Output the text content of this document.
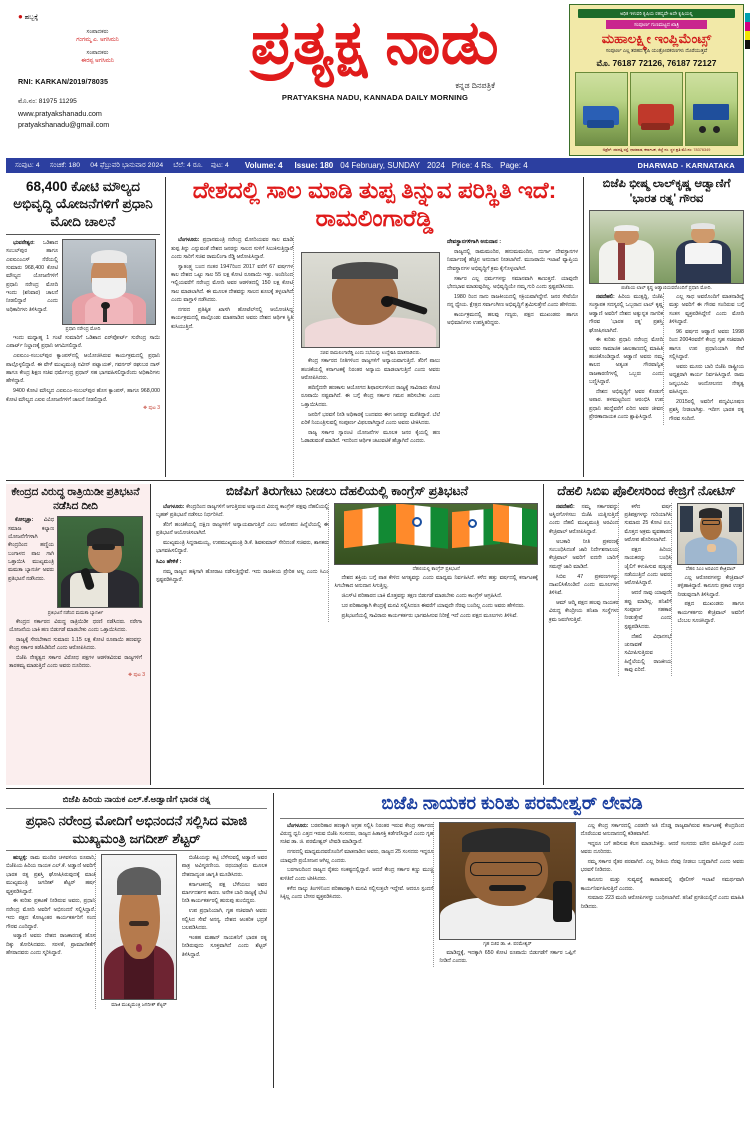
● ಹಬ್ಬಕ್ಕೆ
ಸಂಪಾದಕರು
ಗಂಗಮ್ಮ ಎ. ಅಗಸಿಮನಿ
ಸಂಪಾದಕರು
ಈರಪ್ಪ ಅಗಸಿಮನಿ
RNI: KARKAN/2019/78035
ಮೊ.ನಂ: 81975 11295
www.pratyakshanadu.com
pratyakshanadu@gmail.com
ಪ್ರತ್ಯಕ್ಷ ನಾಡು
ಕನ್ನಡ ದಿನಪತ್ರಿಕೆ
PRATYAKSHA NADU, KANNADA DAILY MORNING
ಅಧಿಕ ಇಳುವರಿ ಕೃಷಿಯ ರಹಸ್ಯವೇ ಅದೇ ಕೃಷಿಯಲ್ಲಿ
ಸಂಪೂರ್ಣ ಗುಣಮಟ್ಟದ ಖಾತ್ರಿ
ಮಹಾಲಕ್ಷ್ಮೀ ಇಂಪ್ಲಿಮೆಂಟ್ಸ್
ಸಂಪೂರ್ಣ ಎಲ್ಲ ತರಹದ ಕೃಷಿ ಯಂತ್ರೋಪಕರಣಗಳು ದೊರೆಯುತ್ತವೆ
ಮೊ. 76187 72126, 76187 72127
ಅಡ್ರೆಸ್: ಸವದತ್ತಿ ರಸ್ತೆ, ಧಾರವಾಡ, ಕರ್ನಾಟಕ, ಜಿಲ್ಲೆ ನಂ. ಸ್ಥಳ ಪ್ರತಿ ಮೊ.ನಂ: 78376349
ಸಂಪುಟ: 4 ಸಂಚಿಕೆ: 180 04 ಫೆಬ್ರುವರಿ ಭಾನುವಾರ 2024 ಬೆಲೆ: 4 ರೂ. ಪುಟ: 4 Volume: 4 Issue: 180 04 February, SUNDAY 2024 Price: 4 Rs. Page: 4	DHARWAD - KARNATAKA
68,400 ಕೋಟಿ ಮೌಲ್ಯದ ಅಭಿವೃದ್ಧಿ ಯೋಜನೆಗಳಿಗೆ ಪ್ರಧಾನಿ ಮೋದಿ ಚಾಲನೆ

ಭುವನೇಶ್ವರ: ಒಡಿಶಾದ ಸಂಬಲ್‌ಪುರ ಹಾಗೂ ಎಐಐಎಂಎಸ್ ನೆರೆಯಲ್ಲಿ ಸುಮಾರು 968,400 ಕೋಟಿ ಮೌಲ್ಯದ ಯೋಜನೆಗಳಿಗೆ ಪ್ರಧಾನಿ ನರೇಂದ್ರ ಮೋದಿ ಇಂದು (ಶನಿವಾರ) ಚಾಲನೆ ನೀಡಲಿದ್ದಾರೆ ಎಂದು ಅಧಿಕಾರಿಗಳು ತಿಳಿಸಿದ್ದಾರೆ.

ಪ್ರಧಾನಿ ನರೇಂದ್ರ ಮೋದಿ

ಇಂದು ಮಧ್ಯಾಹ್ನ 1 ಗಂಟೆ ಸುಮಾರಿಗೆ ಒಡಿಶಾದ ಏರ್‌ಪೋರ್ಟ್ ಸುರೇಂದ್ರ ಸಾಯಿ ಎಪಾರ್ಟ್ ನಿಲ್ದಾಣಕ್ಕೆ ಪ್ರಧಾನಿ ಆಗಮಿಸಲಿದ್ದಾರೆ.

ಎಐಐಎಂ-ಸಂಬಲ್‌ಪುರ ಕ್ಯಾಂಪಸ್‌ನಲ್ಲಿ ಆಯೋಜಿಸಿರುವ ಕಾರ್ಯಕ್ರಮದಲ್ಲಿ ಪ್ರಧಾನಿ ಪಾಲ್ಗೊಳ್ಳಲಿದ್ದಾರೆ. ಈ ವೇಳೆ ಮುಖ್ಯಮಂತ್ರಿ ನವೀನ್ ಪಟ್ನಾಯಕ್, ಗವರ್ನರ್ ರಘುಬರ ದಾಸ್ ಹಾಗೂ ಕೇಂದ್ರ ಶಿಕ್ಷಣ ಸಚಿವ ಧರ್ಮೇಂದ್ರ ಪ್ರಧಾನ್ ಸಹ ಭಾಗವಹಿಸಲಿದ್ದಾರೆಂದು ಅಧಿಕಾರಿಗಳು ಹೇಳಿದ್ದಾರೆ.

9400 ಕೋಟಿ ಮೌಲ್ಯದ ಎಐಐಎಂ-ಸಂಬಲ್‌ಪುರ ಹೊಸ ಕ್ಯಾಂಪಸ್, ಹಾಗೂ 968,000 ಕೋಟಿ ಮೌಲ್ಯದ ಎಐಐ ಯೋಜನೆಗಳಿಗೆ ಚಾಲನೆ ನೀಡಲಿದ್ದಾರೆ.

❖ ಪುಟ 3
ದೇಶದಲ್ಲಿ ಸಾಲ ಮಾಡಿ ತುಪ್ಪ ತಿನ್ನುವ ಪರಿಸ್ಥಿತಿ ಇದೆ: ರಾಮಲಿಂಗಾರೆಡ್ಡಿ

ಬೆಂಗಳೂರು: ಪ್ರಧಾನಮಂತ್ರಿ ನರೇಂದ್ರ ಮೋದಿಯವರ ಸಾಲ ಮಾಡಿ ತುಪ್ಪ ತಿನ್ನು ಎನ್ನುವಂತೆ ದೇಶದ ಜನರನ್ನು ಸಾಲದ ಸುಳಿಗೆ ಸಿಲುಕಿಸುತ್ತಿದ್ದಾರೆ ಎಂದು ಸಾರಿಗೆ ಸಚಿವ ರಾಮಲಿಂಗಾ ರೆಡ್ಡಿ ಆರೋಪಿಸಿದ್ದಾರೆ.

ಸ್ವಾತಂತ್ರ್ಯ ಬಂದ ನಂತರ 1947ರಿಂದ 2017 ವರೆಗೆ 67 ವರ್ಷಗಳ ಕಾಲ ದೇಶದ ಒಟ್ಟು ಸಾಲ 55 ಲಕ್ಷ ಕೋಟಿ ರೂಪಾಯಿ ಇತ್ತು. ಅಂದಿನಿಂದ ಇಲ್ಲಿಯವರೆಗೆ ನರೇಂದ್ರ ಮೋದಿ ಅವರ ಆಡಳಿತದಲ್ಲಿ 150 ಲಕ್ಷ ಕೋಟಿ ಸಾಲ ಮಾಡಲಾಗಿದೆ. ಈ ಮೂಲಕ ದೇಶವನ್ನು ಸಾಲದ ಶೂಲಕ್ಕೆ ತಳ್ಳಲಾಗಿದೆ ಎಂದು ವಾಗ್ದಾಳಿ ನಡೆಸಿದರು.

ನಗರದ ಪ್ರತಿಷ್ಠಿತ ಖಾಸಗಿ ಹೋಟೆಲ್‌ನಲ್ಲಿ ಆಯೋಜಿಸಿದ್ದ ಕಾರ್ಯಕ್ರಮದಲ್ಲಿ ಪಾಲ್ಗೊಂಡು ಮಾತನಾಡಿದ ಅವರು ದೇಶದ ಆರ್ಥಿಕ ಸ್ಥಿತಿ ಕುಸಿಯುತ್ತಿದೆ.

ಸಚಿವ ರಾಮಲಿಂಗಾರೆಡ್ಡಿ ಎಂದು ಸಭೆಯನ್ನು ಉದ್ದೇಶಿಸಿ ಮಾತನಾಡಿದರು.

ಕೇಂದ್ರ ಸರ್ಕಾರದ ನೀತಿಗಳಿಂದ ರಾಜ್ಯಗಳಿಗೆ ಅನ್ಯಾಯವಾಗುತ್ತಿದೆ. ತೆರಿಗೆ ಪಾಲು ಹಂಚಿಕೆಯಲ್ಲಿ ಕರ್ನಾಟಕಕ್ಕೆ ನಿರಂತರ ಅನ್ಯಾಯ ಮಾಡಲಾಗುತ್ತಿದೆ ಎಂದು ಅವರು ಆರೋಪಿಸಿದರು.

ಹದಿನೈದನೇ ಹಣಕಾಸು ಆಯೋಗದ ಶಿಫಾರಸುಗಳಿಂದ ರಾಜ್ಯಕ್ಕೆ ಸಾವಿರಾರು ಕೋಟಿ ರೂಪಾಯಿ ನಷ್ಟವಾಗಿದೆ. ಈ ಬಗ್ಗೆ ಕೇಂದ್ರ ಸರ್ಕಾರ ಗಮನ ಹರಿಸಬೇಕು ಎಂದು ಒತ್ತಾಯಿಸಿದರು.

ಜನರಿಗೆ ಭರವಸೆ ನೀಡಿ ಅಧಿಕಾರಕ್ಕೆ ಬಂದವರು ಈಗ ಜನರನ್ನು ಮರೆತಿದ್ದಾರೆ. ಬೆಲೆ ಏರಿಕೆ ನಿಯಂತ್ರಿಸುವಲ್ಲಿ ಸಂಪೂರ್ಣ ವಿಫಲರಾಗಿದ್ದಾರೆ ಎಂದು ಅವರು ಟೀಕಿಸಿದರು.

ರಾಜ್ಯ ಸರ್ಕಾರ ಗ್ಯಾರಂಟಿ ಯೋಜನೆಗಳ ಮೂಲಕ ಜನರ ಕೈಯಲ್ಲಿ ಹಣ ಓಡಾಡುವಂತೆ ಮಾಡಿದೆ. ಇದರಿಂದ ಆರ್ಥಿಕ ಚಟುವಟಿಕೆ ಹೆಚ್ಚಾಗಿದೆ ಎಂದರು.

ದೇವಸ್ಥಾನಗಳಿಗಾಗಿ ಅನುದಾನ :

ರಾಜ್ಯದಲ್ಲಿ ರಾಮಮಂದಿರ, ಹನುಮಮಂದಿರ, ದುರ್ಗಾ ದೇವಸ್ಥಾನಗಳ ನಿರ್ಮಾಣಕ್ಕೆ ಹೆಚ್ಚಿನ ಅನುದಾನ ನೀಡಲಾಗಿದೆ. ಮುಜರಾಯಿ ಇಲಾಖೆ ವ್ಯಾಪ್ತಿಯ ದೇವಸ್ಥಾನಗಳ ಅಭಿವೃದ್ಧಿಗೆ ಕ್ರಮ ಕೈಗೊಳ್ಳಲಾಗಿದೆ.

ಸರ್ಕಾರ ಎಲ್ಲ ಧರ್ಮಗಳನ್ನು ಸಮಾನವಾಗಿ ಕಾಣುತ್ತದೆ. ಯಾವುದೇ ಭೇದಭಾವ ಮಾಡುವುದಿಲ್ಲ. ಅಭಿವೃದ್ಧಿಯೇ ನಮ್ಮ ಗುರಿ ಎಂದು ಸ್ಪಷ್ಟಪಡಿಸಿದರು.

1980 ರಿಂದ ನಾನು ರಾಜಕೀಯದಲ್ಲಿ ಸಕ್ರಿಯವಾಗಿದ್ದೇನೆ. ಜನರ ಸೇವೆಯೇ ನನ್ನ ಧ್ಯೇಯ. ಕ್ಷೇತ್ರದ ಸರ್ವಾಂಗೀಣ ಅಭಿವೃದ್ಧಿಗೆ ಶ್ರಮಿಸುತ್ತೇನೆ ಎಂದು ಹೇಳಿದರು.

ಕಾರ್ಯಕ್ರಮದಲ್ಲಿ ಹಲವು ಗಣ್ಯರು, ಪಕ್ಷದ ಮುಖಂಡರು ಹಾಗೂ ಅಭಿಮಾನಿಗಳು ಉಪಸ್ಥಿತರಿದ್ದರು.

ಬಿಜೆಪಿ ಭೀಷ್ಮ ಲಾಲ್‌ಕೃಷ್ಣ ಆಡ್ವಾಣಿಗೆ 'ಭಾರತ ರತ್ನ' ಗೌರವ
ಬಿಜೆಪಿಯ ಲಾಲ್ ಕೃಷ್ಣ ಆಡ್ವಾಣಿಯವರೊಂದಿಗೆ ಪ್ರಧಾನಿ ಮೋದಿ.

ನವದೆಹಲಿ: ಹಿರಿಯ ಮುತ್ಸದ್ದಿ, ಬಿಜೆಪಿ ಸಂಸ್ಥಾಪಕ ಸದಸ್ಯರಲ್ಲಿ ಒಬ್ಬರಾದ ಲಾಲ್ ಕೃಷ್ಣ ಆಡ್ವಾಣಿ ಅವರಿಗೆ ದೇಶದ ಅತ್ಯುನ್ನತ ನಾಗರಿಕ ಗೌರವ 'ಭಾರತ ರತ್ನ' ಪ್ರಶಸ್ತಿ ಘೋಷಿಸಲಾಗಿದೆ.

ಈ ಕುರಿತು ಪ್ರಧಾನಿ ನರೇಂದ್ರ ಮೋದಿ ಅವರು ಸಾಮಾಜಿಕ ಜಾಲತಾಣದಲ್ಲಿ ಮಾಹಿತಿ ಹಂಚಿಕೊಂಡಿದ್ದಾರೆ. ಆಡ್ವಾಣಿ ಅವರು ನಮ್ಮ ಕಾಲದ ಅತ್ಯಂತ ಗೌರವಾನ್ವಿತ ರಾಜಕಾರಣಿಗಳಲ್ಲಿ ಒಬ್ಬರು ಎಂದು ಬಣ್ಣಿಸಿದ್ದಾರೆ.

ದೇಶದ ಅಭಿವೃದ್ಧಿಗೆ ಅವರ ಕೊಡುಗೆ ಅಪಾರ. ತಳಮಟ್ಟದಿಂದ ಆರಂಭಿಸಿ ಉಪ ಪ್ರಧಾನಿ ಹುದ್ದೆವರೆಗೆ ಏರಿದ ಅವರ ಜೀವನ ಪ್ರೇರಣಾದಾಯಕ ಎಂದು ಶ್ಲಾಘಿಸಿದ್ದಾರೆ.

ಎಲ್ಲ ಸಾಧ ಅವರೊಂದಿಗೆ ಮಾತನಾಡಿದ್ದೆ ಮತ್ತು ಅವರಿಗೆ ಈ ಗೌರವ ಸಂದಿರುವ ಬಗ್ಗೆ ಸಂತಸ ವ್ಯಕ್ತಪಡಿಸಿದ್ದೇನೆ ಎಂದು ಮೋದಿ ತಿಳಿಸಿದ್ದಾರೆ.

96 ವರ್ಷದ ಆಡ್ವಾಣಿ ಅವರು 1998 ರಿಂದ 2004ರವರೆಗೆ ಕೇಂದ್ರ ಗೃಹ ಸಚಿವರಾಗಿ ಹಾಗೂ ಉಪ ಪ್ರಧಾನಿಯಾಗಿ ಸೇವೆ ಸಲ್ಲಿಸಿದ್ದಾರೆ.

ಅವರು ಮೂರು ಬಾರಿ ಬಿಜೆಪಿ ರಾಷ್ಟ್ರೀಯ ಅಧ್ಯಕ್ಷರಾಗಿ ಕಾರ್ಯ ನಿರ್ವಹಿಸಿದ್ದಾರೆ. ರಾಮ ಜನ್ಮಭೂಮಿ ಆಂದೋಲನದ ನೇತೃತ್ವ ವಹಿಸಿದ್ದರು.

2015ರಲ್ಲಿ ಅವರಿಗೆ ಪದ್ಮವಿಭೂಷಣ ಪ್ರಶಸ್ತಿ ನೀಡಲಾಗಿತ್ತು. ಇದೀಗ ಭಾರತ ರತ್ನ ಗೌರವ ಸಂದಿದೆ.

ಕೇಂದ್ರದ ವಿರುದ್ಧ ರಾತ್ರಿಯಿಡೀ ಪ್ರತಿಭಟನೆ ನಡೆಸಿದ ದೀದಿ

ಕೋಲ್ಕತ್ತಾ: ವಿವಿಧ ಸಮಾಜ ಕಲ್ಯಾಣ ಯೋಜನೆಗೆಗಳಾಗಿ ಕೇಂದ್ರದಿಂದ ಹಣ್ಣಿಯ ಬಂಗಾಳದ ಪಾಲ ಗಾಗಿ ಒತ್ತಾಯಿಸಿ ಮುಖ್ಯಮಂತ್ರಿ ಮಮತಾ ಬ್ಯಾನರ್ಜಿ ಅವರು ಪ್ರತಿಭಟನೆ ನಡೆಸಿದರು.

ಪ್ರತಿಭಟನೆ ನಡೆಸಿದ ಮಮತಾ ಬ್ಯಾನರ್ಜಿ

ಕೇಂದ್ರದ ಸರ್ಕಾರದ ವಿರುದ್ಧ ರಾತ್ರಿಯಿಡೀ ಧರಣಿ ನಡೆಸಿದರು. ನರೇಗಾ ಯೋಜನೆಯ ಬಾಕಿ ಹಣ ಬಿಡುಗಡೆ ಮಾಡಬೇಕು ಎಂದು ಒತ್ತಾಯಿಸಿದರು.

ರಾಜ್ಯಕ್ಕೆ ಸೇರಬೇಕಾದ ಸುಮಾರು 1.15 ಲಕ್ಷ ಕೋಟಿ ರೂಪಾಯಿ ಹಣವನ್ನು ಕೇಂದ್ರ ಸರ್ಕಾರ ತಡೆಹಿಡಿದಿದೆ ಎಂದು ಆರೋಪಿಸಿದರು.

ಬಿಜೆಪಿ ನೇತೃತ್ವದ ಸರ್ಕಾರ ವಿರೋಧ ಪಕ್ಷಗಳ ಆಡಳಿತವಿರುವ ರಾಜ್ಯಗಳಿಗೆ ತಾರತಮ್ಯ ಮಾಡುತ್ತಿದೆ ಎಂದು ಅವರು ದೂರಿದರು.

❖ ಪುಟ 3
ಬಿಜೆಪಿಗೆ ತಿರುಗೇಟು ನೀಡಲು ದೆಹಲಿಯಲ್ಲಿ ಕಾಂಗ್ರೆಸ್ ಪ್ರತಿಭಟನೆ

ಬೆಂಗಳೂರು: ಕೇಂದ್ರದಿಂದ ರಾಜ್ಯಗಳಿಗೆ ಆಗುತ್ತಿರುವ ಅನ್ಯಾಯದ ವಿರುದ್ಧ ಕಾಂಗ್ರೆಸ್ ಪಕ್ಷವು ದೆಹಲಿಯಲ್ಲಿ ಬೃಹತ್ ಪ್ರತಿಭಟನೆ ನಡೆಸಲು ನಿರ್ಧರಿಸಿದೆ.

ತೆರಿಗೆ ಹಂಚಿಕೆಯಲ್ಲಿ ದಕ್ಷಿಣ ರಾಜ್ಯಗಳಿಗೆ ಅನ್ಯಾಯವಾಗುತ್ತಿದೆ ಎಂಬ ಆರೋಪದ ಹಿನ್ನೆಲೆಯಲ್ಲಿ ಈ ಪ್ರತಿಭಟನೆ ಆಯೋಜಿಸಲಾಗಿದೆ.

ಮುಖ್ಯಮಂತ್ರಿ ಸಿದ್ದರಾಮಯ್ಯ, ಉಪಮುಖ್ಯಮಂತ್ರಿ ಡಿ.ಕೆ. ಶಿವಕುಮಾರ್ ಸೇರಿದಂತೆ ಸಚಿವರು, ಶಾಸಕರು ಭಾಗವಹಿಸಲಿದ್ದಾರೆ.

ಸಿಎಂ ಹೇಳಿಕೆ :

ನಮ್ಮ ರಾಜ್ಯದ ಹಕ್ಕಿಗಾಗಿ ಹೋರಾಟ ನಡೆಸುತ್ತಿದ್ದೇವೆ. ಇದು ರಾಜಕೀಯ ಪ್ರೇರಿತ ಅಲ್ಲ ಎಂದು ಸಿಎಂ ಸ್ಪಷ್ಟಪಡಿಸಿದ್ದಾರೆ.

ದೆಹಲಿಯಲ್ಲಿ ಕಾಂಗ್ರೆಸ್ ಪ್ರತಿಭಟನೆ

ದೇಶದ ಶಕ್ತಿಯ ಬಗ್ಗೆ ಪಾತ ಕೇಳಿದ ಅಗತ್ಯವನ್ನು ಎಂದು ಮಾಧ್ಯಮ ನಿರ್ವಹಿಸಿದೆ. ಕಳೆದ ಹತ್ತು ವರ್ಷದಲ್ಲಿ ಕರ್ನಾಟಕಕ್ಕೆ ಸಿಗಬೇಕಾದ ಅನುದಾನ ಸಿಗುತ್ತಿಲ್ಲ.

ಜಿಎಸ್‌ಟಿ ಪರಿಹಾರದ ಬಾಕಿ ಮೊತ್ತವನ್ನು ತಕ್ಷಣ ಬಿಡುಗಡೆ ಮಾಡಬೇಕು ಎಂದು ಕಾಂಗ್ರೆಸ್ ಆಗ್ರಹಿಸಿದೆ.

ಬರ ಪರಿಹಾರಕ್ಕಾಗಿ ಕೇಂದ್ರಕ್ಕೆ ಮನವಿ ಸಲ್ಲಿಸಿದರೂ ಈವರೆಗೆ ಯಾವುದೇ ನೆರವು ಬಂದಿಲ್ಲ ಎಂದು ಅವರು ಹೇಳಿದರು.

ಪ್ರತಿಭಟನೆಯಲ್ಲಿ ಸಾವಿರಾರು ಕಾರ್ಯಕರ್ತರು ಭಾಗವಹಿಸುವ ನಿರೀಕ್ಷೆ ಇದೆ ಎಂದು ಪಕ್ಷದ ಮೂಲಗಳು ತಿಳಿಸಿವೆ.

ದೆಹಲಿ ಸಿಬಿಐ ಪೊಲೀಸರಿಂದ ಕೇಜ್ರಿಗೆ ನೋಟಿಸ್

ನವದೆಹಲಿ: ನಮ್ಮ ಸರ್ಕಾರವನ್ನು ಅಸ್ಥಿರಗೊಳಿಸಲು ಬಿಜೆಪಿ ಯತ್ನಿಸುತ್ತಿದೆ ಎಂದು ದೆಹಲಿ ಮುಖ್ಯಮಂತ್ರಿ ಅರವಿಂದ ಕೇಜ್ರಿವಾಲ್ ಆರೋಪಿಸಿದ್ದಾರೆ.

ಅಬಕಾರಿ ನೀತಿ ಪ್ರಕರಣಕ್ಕೆ ಸಂಬಂಧಿಸಿದಂತೆ ಜಾರಿ ನಿರ್ದೇಶನಾಲಯ ಕೇಜ್ರಿವಾಲ್ ಅವರಿಗೆ ಐದನೇ ಬಾರಿಗೆ ಸಮನ್ಸ್ ಜಾರಿ ಮಾಡಿದೆ.

ಸಿಬಿಐ 47 ಪ್ರಕರಣಗಳನ್ನು ದಾಖಲಿಸಿಕೊಂಡಿದೆ ಎಂದು ಮೂಲಗಳು ತಿಳಿಸಿವೆ.

ಆಮ್ ಆದ್ಮಿ ಪಕ್ಷದ ಹಲವು ನಾಯಕರ ವಿರುದ್ಧ ಕೇಂದ್ರೀಯ ತನಿಖಾ ಸಂಸ್ಥೆಗಳು ಕ್ರಮ ಜರುಗಿಸುತ್ತಿವೆ.

ಕಳೆದ ವರ್ಷ ಪ್ರತಿಪಕ್ಷಗಳನ್ನು ಗುರಿಯಾಗಿಸಿ ಸುಮಾರು 25 ಕೋಟಿ ರೂ. ಮೊತ್ತದ ಅಕ್ರಮ ವ್ಯವಹಾರದ ಆರೋಪ ಹೊರಿಸಲಾಗಿದೆ.

ಪಕ್ಷದ ಹಿರಿಯ ನಾಯಕರನ್ನು ಬಂಧಿಸಿ ಜೈಲಿಗೆ ಕಳುಹಿಸುವ ಷಡ್ಯಂತ್ರ ನಡೆಯುತ್ತಿದೆ ಎಂದು ಅವರು ಆರೋಪಿಸಿದ್ದಾರೆ.

ಆದರೆ ನಾವು ಯಾವುದೇ ತಪ್ಪು ಮಾಡಿಲ್ಲ. ತನಿಖೆಗೆ ಸಂಪೂರ್ಣ ಸಹಕಾರ ನೀಡುತ್ತೇವೆ ಎಂದು ಸ್ಪಷ್ಟಪಡಿಸಿದರು.

ದೆಹಲಿ ವಿಧಾನಸಭೆ ಚುನಾವಣೆ ಸಮೀಪಿಸುತ್ತಿರುವ ಹಿನ್ನೆಲೆಯಲ್ಲಿ ರಾಜಕೀಯ ಕಾವು ಏರಿದೆ.

ದೆಹಲಿ ಸಿಎಂ ಅರವಿಂದ ಕೇಜ್ರಿವಾಲ್

ಎಲ್ಲ ಆರೋಪಗಳನ್ನು ಕೇಜ್ರಿವಾಲ್ ತಳ್ಳಿಹಾಕಿದ್ದಾರೆ. ಕಾನೂನು ಪ್ರಕಾರ ಉತ್ತರ ನೀಡುವುದಾಗಿ ತಿಳಿಸಿದ್ದಾರೆ.

ಪಕ್ಷದ ಮುಖಂಡರು ಹಾಗೂ ಕಾರ್ಯಕರ್ತರು ಕೇಜ್ರಿವಾಲ್ ಅವರಿಗೆ ಬೆಂಬಲ ಸೂಚಿಸಿದ್ದಾರೆ.

ಬಿಜೆಪಿ ಹಿರಿಯ ನಾಯಕ ಎಲ್.ಕೆ.ಅಡ್ವಾಣಿಗೆ ಭಾರತ ರತ್ನ
ಪ್ರಧಾನಿ ನರೇಂದ್ರ ಮೋದಿಗೆ ಅಭಿನಂದನೆ ಸಲ್ಲಿಸಿದ ಮಾಜಿ ಮುಖ್ಯಮಂತ್ರಿ ಜಗದೀಶ್ ಶೆಟ್ಟರ್

ಹುಬ್ಬಳ್ಳಿ: ರಾಮ ಮಂದಿರ ಚಳವಳಿಯ ರೂವಾರಿ, ಬಿಜೆಪಿಯ ಹಿರಿಯ ನಾಯಕ ಎಲ್.ಕೆ. ಅಡ್ವಾಣಿ ಅವರಿಗೆ ಭಾರತ ರತ್ನ ಪ್ರಶಸ್ತಿ ಘೋಷಿಸಿರುವುದಕ್ಕೆ ಮಾಜಿ ಮುಖ್ಯಮಂತ್ರಿ ಜಗದೀಶ್ ಶೆಟ್ಟರ್ ಹರ್ಷ ವ್ಯಕ್ತಪಡಿಸಿದ್ದಾರೆ.

ಈ ಕುರಿತು ಪ್ರಕಟಣೆ ನೀಡಿರುವ ಅವರು, ಪ್ರಧಾನಿ ನರೇಂದ್ರ ಮೋದಿ ಅವರಿಗೆ ಅಭಿನಂದನೆ ಸಲ್ಲಿಸಿದ್ದಾರೆ. ಇದು ಪಕ್ಷದ ಕೋಟ್ಯಂತರ ಕಾರ್ಯಕರ್ತರಿಗೆ ಸಂದ ಗೌರವ ಎಂದಿದ್ದಾರೆ.

ಅಡ್ವಾಣಿ ಅವರು ದೇಶದ ರಾಜಕಾರಣಕ್ಕೆ ಹೊಸ ದಿಕ್ಕು ತೋರಿಸಿದವರು. ಸರಳತೆ, ಪ್ರಾಮಾಣಿಕತೆಗೆ ಹೆಸರಾದವರು ಎಂದು ಸ್ಮರಿಸಿದ್ದಾರೆ.

ಮಾಜಿ ಮುಖ್ಯಮಂತ್ರಿ ಜಗದೀಶ್ ಶೆಟ್ಟರ್

ಬಿಜೆಪಿಯನ್ನು ಕಟ್ಟಿ ಬೆಳೆಸುವಲ್ಲಿ ಅಡ್ವಾಣಿ ಅವರ ಪಾತ್ರ ಅವಿಸ್ಮರಣೀಯ. ರಥಯಾತ್ರೆಯ ಮೂಲಕ ದೇಶದಾದ್ಯಂತ ಜಾಗೃತಿ ಮೂಡಿಸಿದರು.

ಕರ್ನಾಟಕದಲ್ಲಿ ಪಕ್ಷ ಬೆಳೆಯಲು ಅವರ ಮಾರ್ಗದರ್ಶನ ಕಾರಣ. ಅನೇಕ ಬಾರಿ ರಾಜ್ಯಕ್ಕೆ ಭೇಟಿ ನೀಡಿ ಕಾರ್ಯಕರ್ತರಲ್ಲಿ ಹುರುಪು ತುಂಬಿದ್ದರು.

ಉಪ ಪ್ರಧಾನಿಯಾಗಿ, ಗೃಹ ಸಚಿವರಾಗಿ ಅವರು ಸಲ್ಲಿಸಿದ ಸೇವೆ ಅನನ್ಯ. ದೇಶದ ಆಂತರಿಕ ಭದ್ರತೆ ಬಲಪಡಿಸಿದರು.

ಇಂತಹ ಮಹಾನ್ ನಾಯಕನಿಗೆ ಭಾರತ ರತ್ನ ನೀಡಿರುವುದು ಸೂಕ್ತವಾಗಿದೆ ಎಂದು ಶೆಟ್ಟರ್ ತಿಳಿಸಿದ್ದಾರೆ.

ಬಿಜೆಪಿ ನಾಯಕರ ಕುರಿತು ಪರಮೇಶ್ವರ್ ಲೇವಡಿ

ಬೆಂಗಳೂರು: ಬರಪರಿಹಾರ ಹಣಕ್ಕಾಗಿ ಅಗ್ರಹ ಸಲ್ಲಿಸಿ ನಿರಂತರ ಇರುವ ಕೇಂದ್ರ ಸರ್ಕಾರದ ವಿರುದ್ಧ ಧ್ವನಿ ಎತ್ತದ ಇರುವ ಬಿಜೆಪಿ ಸಂಸದರು, ರಾಜ್ಯದ ಹಿತಾಸಕ್ತಿ ಕಡೆಗಣಿಸಿದ್ದಾರೆ ಎಂದು ಗೃಹ ಸಚಿವ ಡಾ. ಜಿ. ಪರಮೇಶ್ವರ್ ಲೇವಡಿ ಮಾಡಿದ್ದಾರೆ.

ನಗರದಲ್ಲಿ ಮಾಧ್ಯಮದವರೊಂದಿಗೆ ಮಾತನಾಡಿದ ಅವರು, ರಾಜ್ಯದ 25 ಸಂಸದರು ಇದ್ದರೂ ಯಾವುದೇ ಪ್ರಯೋಜನ ಆಗಿಲ್ಲ ಎಂದರು.

ಬರಗಾಲದಿಂದ ರಾಜ್ಯದ ರೈತರು ಸಂಕಷ್ಟದಲ್ಲಿದ್ದಾರೆ. ಆದರೆ ಕೇಂದ್ರ ಸರ್ಕಾರ ಕಣ್ಣು ಮುಚ್ಚಿ ಕುಳಿತಿದೆ ಎಂದು ಟೀಕಿಸಿದರು.

ಕಳೆದ ನಾಲ್ಕು ತಿಂಗಳಿನಿಂದ ಪರಿಹಾರಕ್ಕಾಗಿ ಮನವಿ ಸಲ್ಲಿಸುತ್ತಲೇ ಇದ್ದೇವೆ. ಆದರೂ ಸ್ಪಂದನೆ ಸಿಕ್ಕಿಲ್ಲ ಎಂದು ಬೇಸರ ವ್ಯಕ್ತಪಡಿಸಿದರು.

ಗೃಹ ಸಚಿವ ಡಾ. ಜಿ. ಪರಮೇಶ್ವರ್

ಮಾಡಿದ್ದಕ್ಕೆ, ಇದಕ್ಕಾಗಿ 650 ಕೋಟಿ ರೂಪಾಯಿ ಬಿಡುಗಡೆಗೆ ಸರ್ಕಾರ ಒಪ್ಪಿಗೆ ನೀಡಿದೆ ಎಂದರು.

ಎಲ್ಲ ಕೇಂದ್ರ ಸರ್ಕಾರದಲ್ಲಿ ಎರಡನೇ ಅತಿ ದೊಡ್ಡ ರಾಜ್ಯವಾಗಿರುವ ಕರ್ನಾಟಕಕ್ಕೆ ಕೇಂದ್ರದಿಂದ ದೊರೆಯುವ ಅನುದಾನದಲ್ಲಿ ಕಡಿತವಾಗಿದೆ.

ಇದ್ದರೂ ಬಗೆ ಹರಿಸುವ ಕೆಲಸ ಮಾಡಬೇಕಿತ್ತು. ಆದರೆ ಸಂಸದರು ಮೌನ ವಹಿಸಿದ್ದಾರೆ ಎಂದು ಅವರು ದೂರಿದರು.

ನಮ್ಮ ಸರ್ಕಾರ ರೈತರ ಪರವಾಗಿದೆ. ಎಲ್ಲ ರೀತಿಯ ನೆರವು ನೀಡಲು ಬದ್ಧವಾಗಿದೆ ಎಂದು ಅವರು ಭರವಸೆ ನೀಡಿದರು.

ಕಾನೂನು ಮತ್ತು ಸುವ್ಯವಸ್ಥೆ ಕಾಪಾಡುವಲ್ಲಿ ಪೊಲೀಸ್ ಇಲಾಖೆ ಸಮರ್ಥವಾಗಿ ಕಾರ್ಯನಿರ್ವಹಿಸುತ್ತಿದೆ ಎಂದರು.

ಸುಮಾರು 223 ಮಂದಿ ಆರೋಪಿಗಳನ್ನು ಬಂಧಿಸಲಾಗಿದೆ. ತನಿಖೆ ಪ್ರಗತಿಯಲ್ಲಿದೆ ಎಂದು ಮಾಹಿತಿ ನೀಡಿದರು.
